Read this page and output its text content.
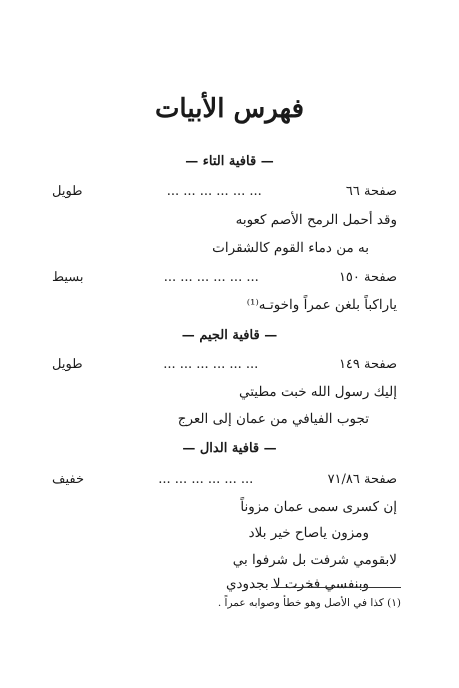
فهرس الأبيات
— قافية التاء —
صفحة ٦٦
... ... ... ... ... ...
طويل
وقد أحمل الرمح الأصم كعوبه
به من دماء القوم كالشقرات
صفحة ١٥٠
... ... ... ... ... ...
بسيط
ياراكباً بلغن عمراً واخوتـه⁽¹⁾
— قافية الجيم —
صفحة ١٤٩
... ... ... ... ... ...
طويل
إليك رسول الله خبت مطيتي
تجوب الفيافي من عمان إلى العرج
— قافية الدال —
صفحة ٧١/٨٦
... ... ... ... ... ...
خفيف
إن كسرى سمى عمان مزوناً
ومزون ياصاح خير بلاد
لابقومي شرفت بل شرفوا بي
وبنفسي فخرت لا بجدودي
(١) كذا في الأصل وهو خطأ وصوابه عمراً .
